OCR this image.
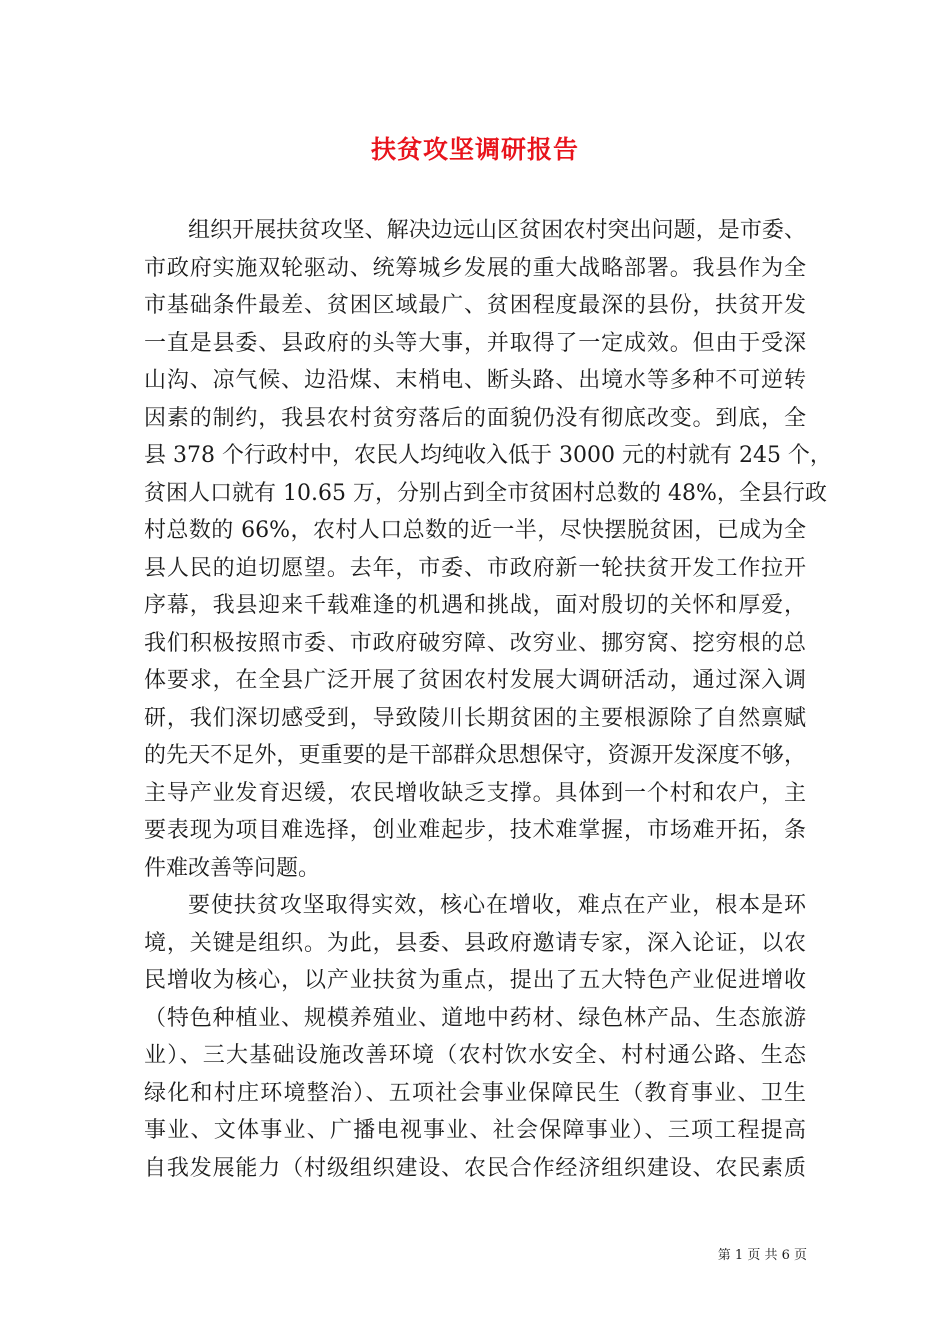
扶贫攻坚调研报告
组织开展扶贫攻坚、解决边远山区贫困农村突出问题，是市委、
市政府实施双轮驱动、统筹城乡发展的重大战略部署。我县作为全
市基础条件最差、贫困区域最广、贫困程度最深的县份，扶贫开发
一直是县委、县政府的头等大事，并取得了一定成效。但由于受深
山沟、凉气候、边沿煤、末梢电、断头路、出境水等多种不可逆转
因素的制约，我县农村贫穷落后的面貌仍没有彻底改变。到底，全
县 378 个行政村中，农民人均纯收入低于 3000 元的村就有 245 个，
贫困人口就有 10.65 万，分别占到全市贫困村总数的 48%，全县行政
村总数的 66%，农村人口总数的近一半，尽快摆脱贫困，已成为全
县人民的迫切愿望。去年，市委、市政府新一轮扶贫开发工作拉开
序幕，我县迎来千载难逢的机遇和挑战，面对殷切的关怀和厚爱，
我们积极按照市委、市政府破穷障、改穷业、挪穷窝、挖穷根的总
体要求，在全县广泛开展了贫困农村发展大调研活动，通过深入调
研，我们深切感受到，导致陵川长期贫困的主要根源除了自然禀赋
的先天不足外，更重要的是干部群众思想保守，资源开发深度不够，
主导产业发育迟缓，农民增收缺乏支撑。具体到一个村和农户，主
要表现为项目难选择，创业难起步，技术难掌握，市场难开拓，条
件难改善等问题。
要使扶贫攻坚取得实效，核心在增收，难点在产业，根本是环
境，关键是组织。为此，县委、县政府邀请专家，深入论证，以农
民增收为核心，以产业扶贫为重点，提出了五大特色产业促进增收
（特色种植业、规模养殖业、道地中药材、绿色林产品、生态旅游
业）、三大基础设施改善环境（农村饮水安全、村村通公路、生态
绿化和村庄环境整治）、五项社会事业保障民生（教育事业、卫生
事业、文体事业、广播电视事业、社会保障事业）、三项工程提高
自我发展能力（村级组织建设、农民合作经济组织建设、农民素质
第 1 页 共 6 页
